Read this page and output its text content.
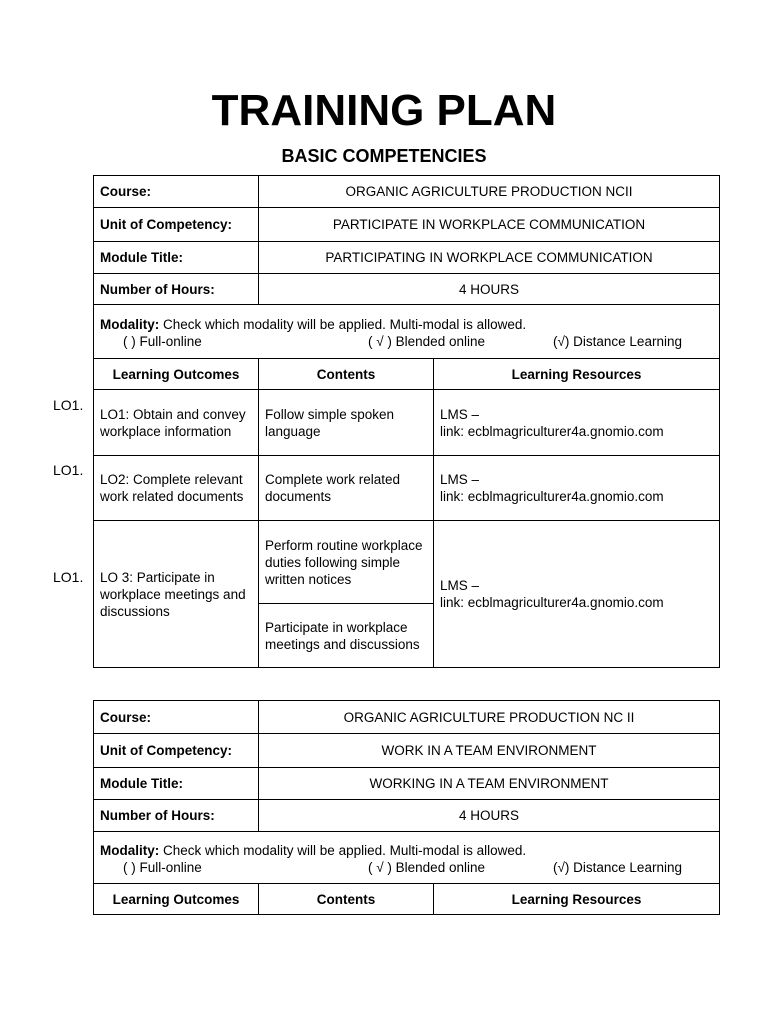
TRAINING PLAN
BASIC COMPETENCIES
Course:	ORGANIC AGRICULTURE PRODUCTION NCII	
Unit of Competency:	PARTICIPATE IN WORKPLACE COMMUNICATION	
Module Title:	PARTICIPATING IN WORKPLACE COMMUNICATION	
Number of Hours:	4 HOURS	

Modality: Check which modality will be applied. Multi-modal is allowed.
( ) Full-online ( √ ) Blended online (√) Distance Learning		

Learning Outcomes	Contents	Learning Resources
LO1: Obtain and convey workplace information	Follow simple spoken language	LMS –
link: ecblmagriculturer4a.gnomio.com

LO2: Complete relevant work related documents	Complete work related documents	LMS –
link: ecblmagriculturer4a.gnomio.com

LO 3: Participate in workplace meetings and discussions	Perform routine workplace duties following simple written notices	LMS –
link: ecblmagriculturer4a.gnomio.com

	Participate in workplace meetings and discussions	
LO1.
LO1.
LO1.
Course:	ORGANIC AGRICULTURE PRODUCTION NC II	
Unit of Competency:	WORK IN A TEAM ENVIRONMENT	
Module Title:	WORKING IN A TEAM ENVIRONMENT	
Number of Hours:	4 HOURS	

Modality: Check which modality will be applied. Multi-modal is allowed.
( ) Full-online ( √ ) Blended online (√) Distance Learning		

Learning Outcomes	Contents	Learning Resources
